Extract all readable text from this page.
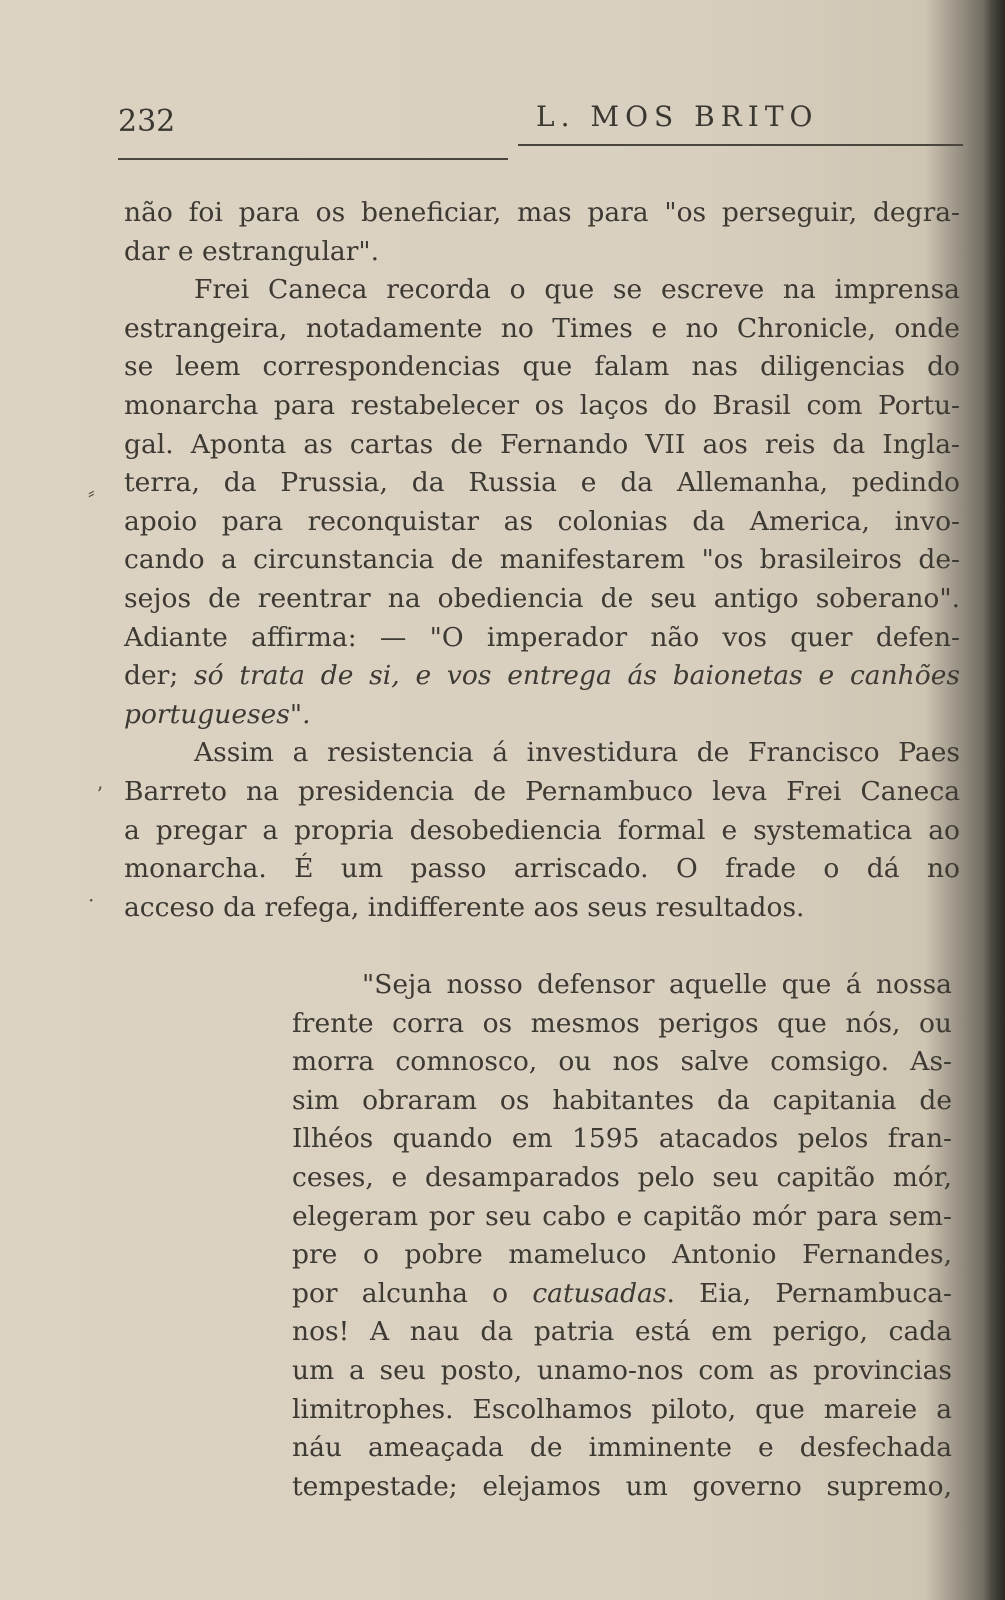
232	L. MOS BRITO
não foi para os beneficiar, mas para "os perseguir, degra-
dar e estrangular".
Frei Caneca recorda o que se escreve na imprensa
estrangeira, notadamente no Times e no Chronicle, onde
se leem correspondencias que falam nas diligencias do
monarcha para restabelecer os laços do Brasil com Portu-
gal. Aponta as cartas de Fernando VII aos reis da Ingla-
terra, da Prussia, da Russia e da Allemanha, pedindo
apoio para reconquistar as colonias da America, invo-
cando a circunstancia de manifestarem "os brasileiros de-
sejos de reentrar na obediencia de seu antigo soberano".
Adiante affirma: — "O imperador não vos quer defen-
der; só trata de si, e vos entrega ás baionetas e canhões
portugueses".
Assim a resistencia á investidura de Francisco Paes
Barreto na presidencia de Pernambuco leva Frei Caneca
a pregar a propria desobediencia formal e systematica ao
monarcha. É um passo arriscado. O frade o dá no
acceso da refega, indifferente aos seus resultados.
⸗
ʼ
·
"Seja nosso defensor aquelle que á nossa
frente corra os mesmos perigos que nós, ou
morra comnosco, ou nos salve comsigo. As-
sim obraram os habitantes da capitania de
Ilhéos quando em 1595 atacados pelos fran-
ceses, e desamparados pelo seu capitão mór,
elegeram por seu cabo e capitão mór para sem-
pre o pobre mameluco Antonio Fernandes,
por alcunha o catusadas. Eia, Pernambuca-
nos! A nau da patria está em perigo, cada
um a seu posto, unamo-nos com as provincias
limitrophes. Escolhamos piloto, que mareie a
náu ameaçada de imminente e desfechada
tempestade; elejamos um governo supremo,
